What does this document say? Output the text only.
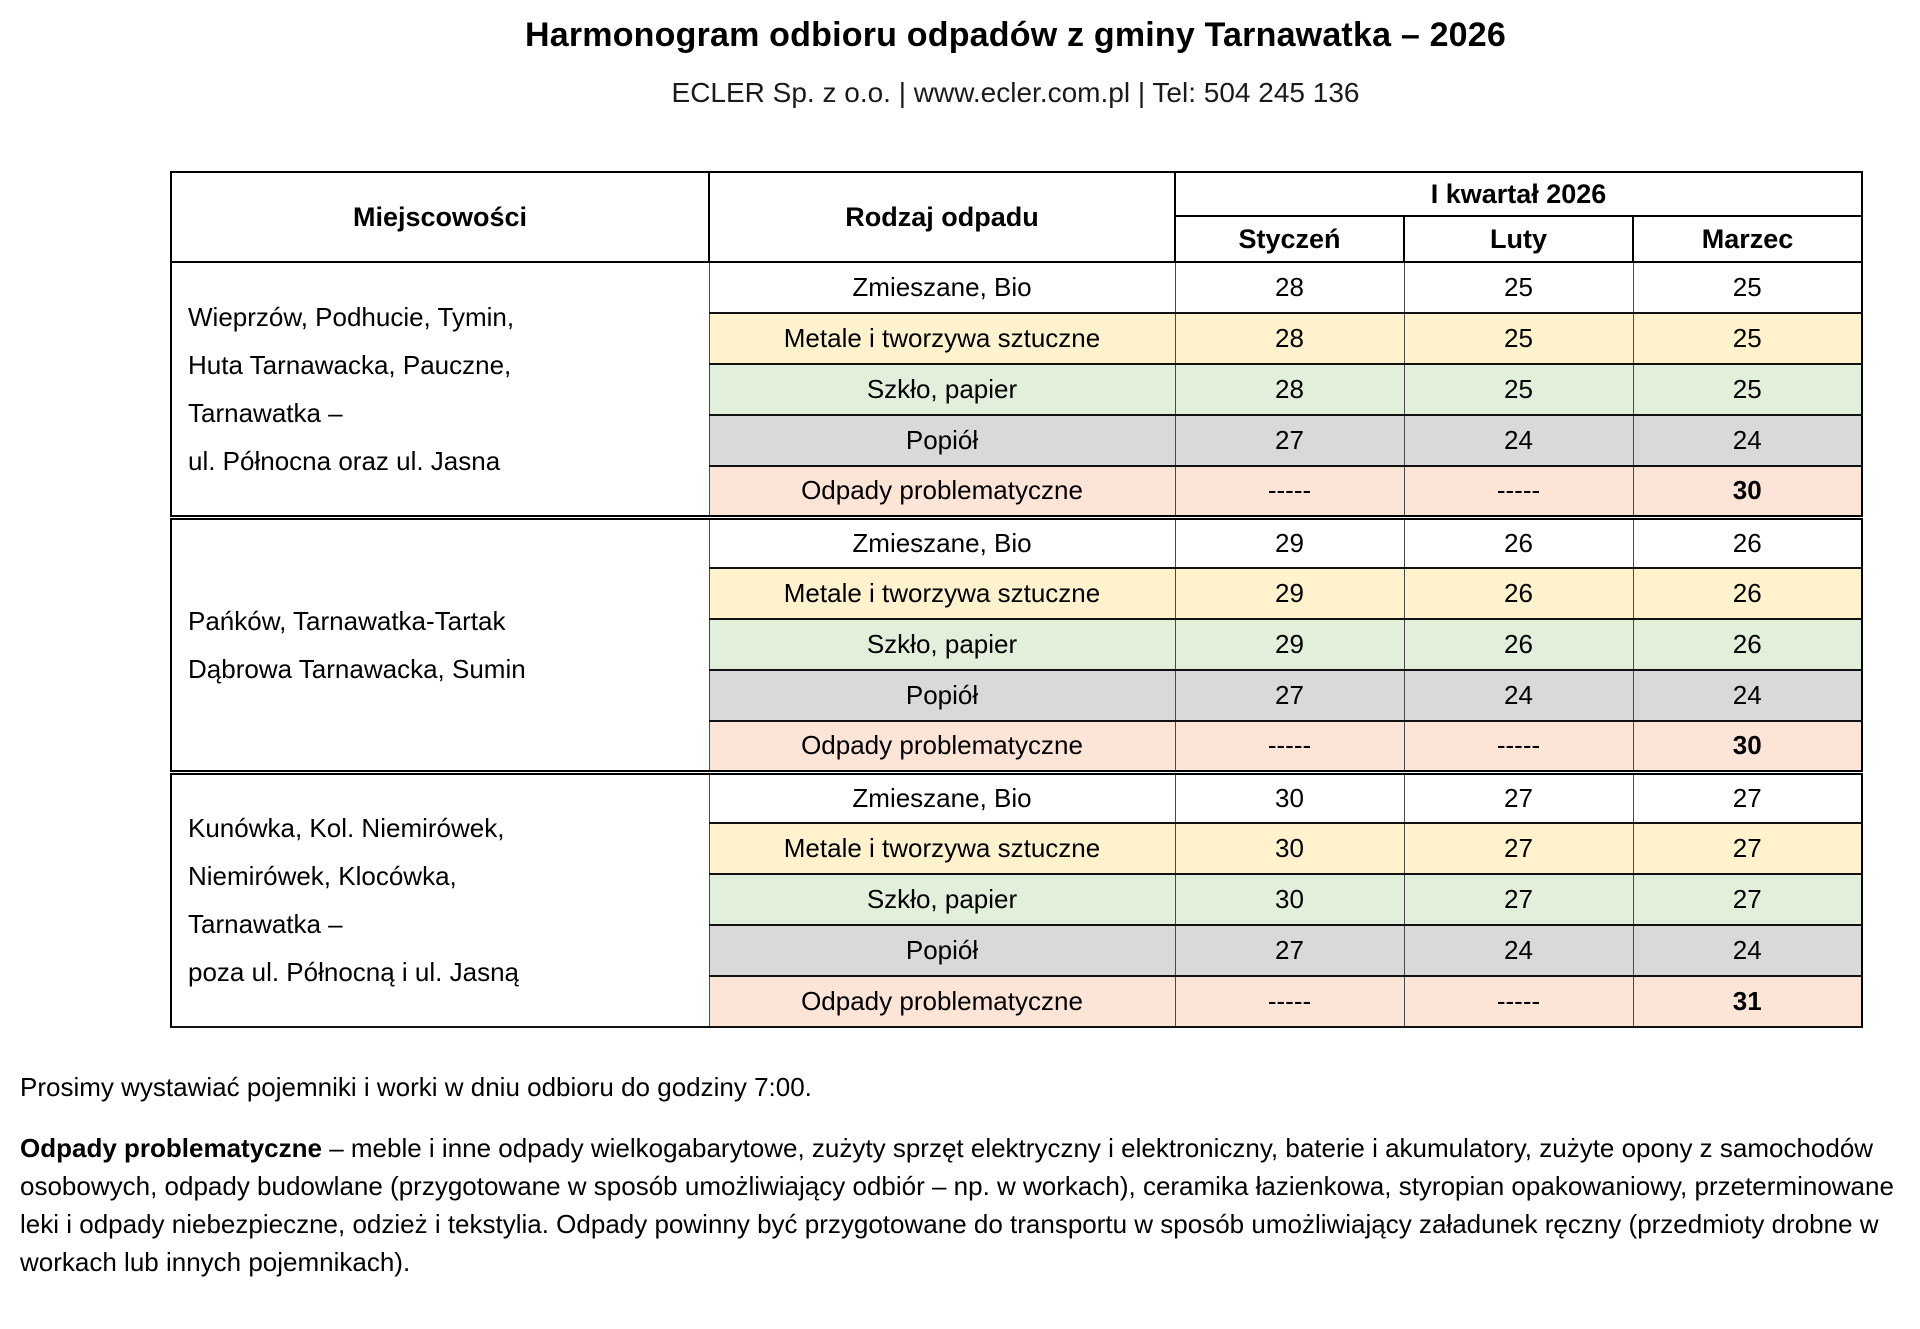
Harmonogram odbioru odpadów z gminy Tarnawatka – 2026
ECLER Sp. z o.o. | www.ecler.com.pl | Tel: 504 245 136
Miejscowości	Rodzaj odpadu	I kwartał 2026		
		Styczeń	Luty	Marzec

Wieprzów, Podhucie, Tymin,
Huta Tarnawacka, Pauczne,
Tarnawatka –
ul. Północna oraz ul. Jasna	Zmieszane, Bio	28	25	25
	Metale i tworzywa sztuczne	28	25	25
	Szkło, papier	28	25	25
	Popiół	27	24	24
	Odpady problematyczne	-----	-----	30

Pańków, Tarnawatka-Tartak
Dąbrowa Tarnawacka, Sumin	Zmieszane, Bio	29	26	26
	Metale i tworzywa sztuczne	29	26	26
	Szkło, papier	29	26	26
	Popiół	27	24	24
	Odpady problematyczne	-----	-----	30

Kunówka, Kol. Niemirówek,
Niemirówek, Klocówka,
Tarnawatka –
poza ul. Północną i ul. Jasną	Zmieszane, Bio	30	27	27
	Metale i tworzywa sztuczne	30	27	27
	Szkło, papier	30	27	27
	Popiół	27	24	24
	Odpady problematyczne	-----	-----	31

Prosimy wystawiać pojemniki i worki w dniu odbioru do godziny 7:00.

Odpady problematyczne – meble i inne odpady wielkogabarytowe, zużyty sprzęt elektryczny i elektroniczny, baterie i akumulatory, zużyte opony z samochodów osobowych, odpady budowlane (przygotowane w sposób umożliwiający odbiór – np. w workach), ceramika łazienkowa, styropian opakowaniowy, przeterminowane leki i odpady niebezpieczne, odzież i tekstylia. Odpady powinny być przygotowane do transportu w sposób umożliwiający załadunek ręczny (przedmioty drobne w workach lub innych pojemnikach).
